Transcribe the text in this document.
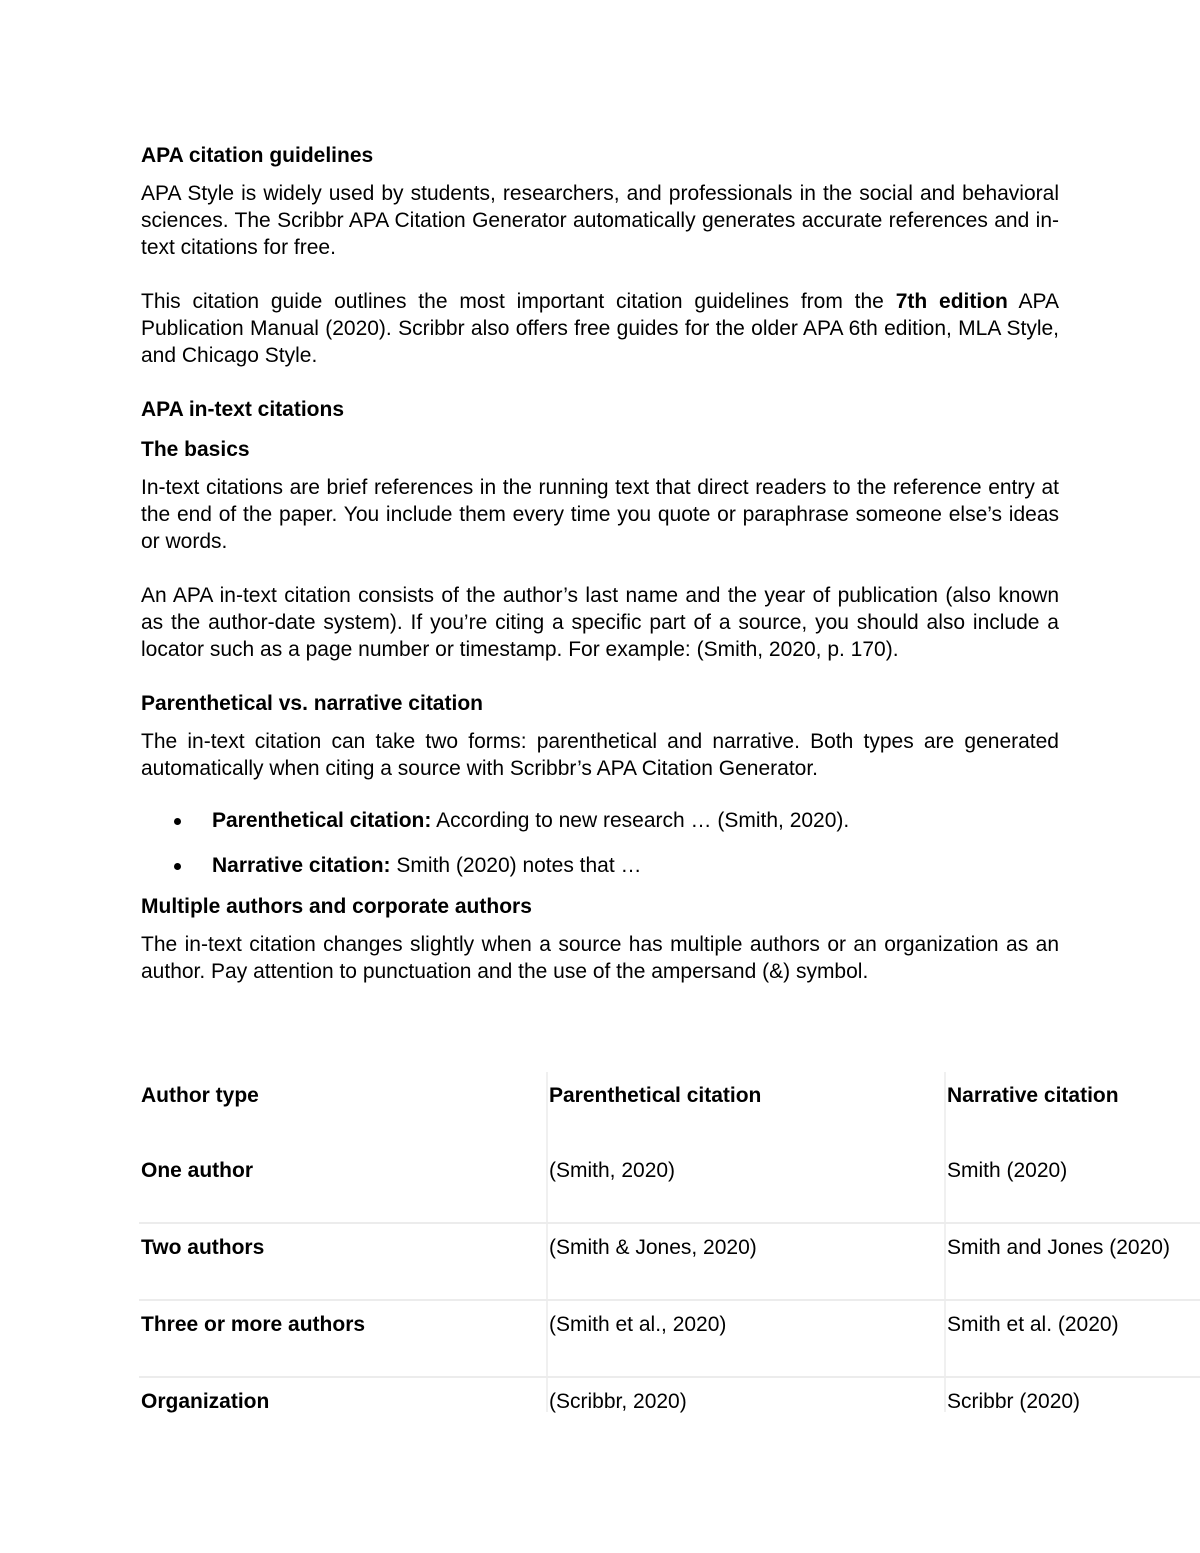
APA citation guidelines

APA Style is widely used by students, researchers, and professionals in the social and behavioral sciences. The Scribbr APA Citation Generator automatically generates accurate references and in-text citations for free.

This citation guide outlines the most important citation guidelines from the 7th edition APA Publication Manual (2020). Scribbr also offers free guides for the older APA 6th edition, MLA Style, and Chicago Style.

APA in-text citations
The basics

In-text citations are brief references in the running text that direct readers to the reference entry at the end of the paper. You include them every time you quote or paraphrase someone else’s ideas or words.

An APA in-text citation consists of the author’s last name and the year of publication (also known as the author-date system). If you’re citing a specific part of a source, you should also include a locator such as a page number or timestamp. For example: (Smith, 2020, p. 170).

Parenthetical vs. narrative citation

The in-text citation can take two forms: parenthetical and narrative. Both types are generated automatically when citing a source with Scribbr’s APA Citation Generator.

Parenthetical citation: According to new research … (Smith, 2020).
Narrative citation: Smith (2020) notes that …
Multiple authors and corporate authors

The in-text citation changes slightly when a source has multiple authors or an organization as an author. Pay attention to punctuation and the use of the ampersand (&) symbol.

Author type	Parenthetical citation	Narrative citation
One author	(Smith, 2020)	Smith (2020)
Two authors	(Smith & Jones, 2020)	Smith and Jones (2020)
Three or more authors	(Smith et al., 2020)	Smith et al. (2020)
Organization	(Scribbr, 2020)	Scribbr (2020)
